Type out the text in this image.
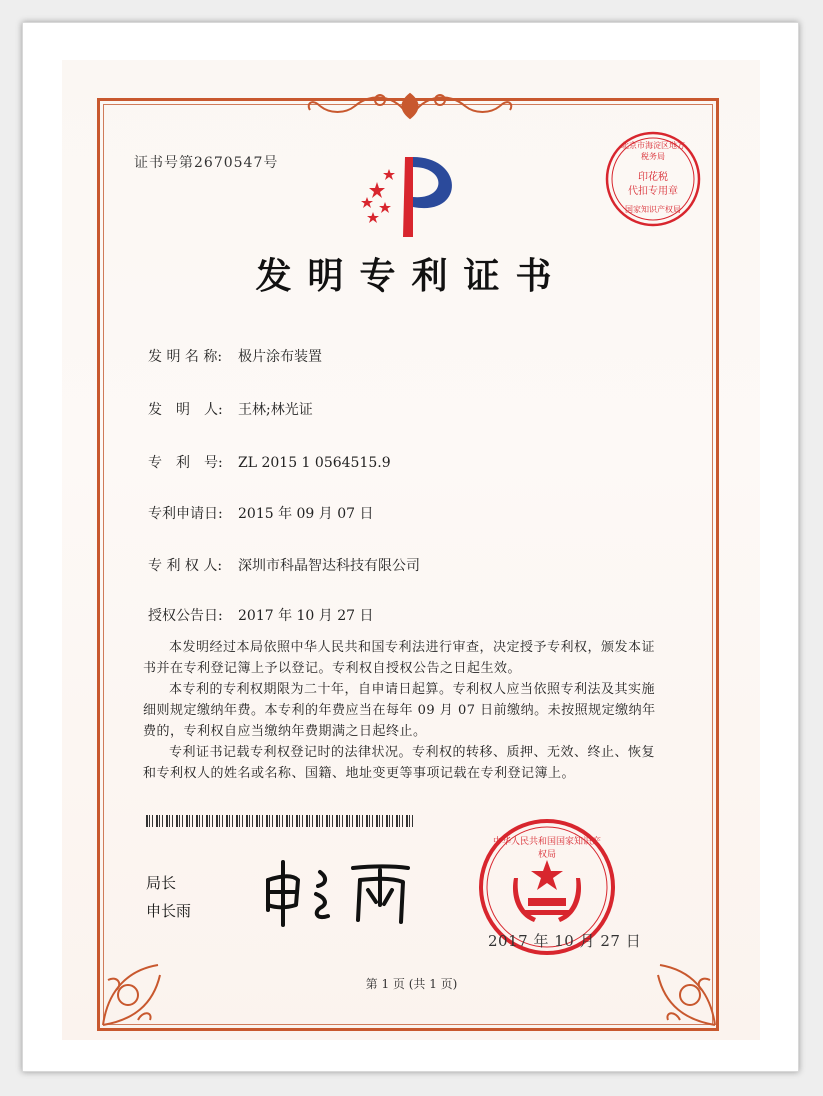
证书号第2670547号
北京市海淀区地方税务局
印花税
代扣专用章
国家知识产权局
发明专利证书
发 明 名 称: 极片涂布装置
发　明　人: 王林;林光证
专　利　号: ZL 2015 1 0564515.9
专利申请日: 2015 年 09 月 07 日
专 利 权 人: 深圳市科晶智达科技有限公司
授权公告日: 2017 年 10 月 27 日

本发明经过本局依照中华人民共和国专利法进行审查，决定授予专利权，颁发本证书并在专利登记簿上予以登记。专利权自授权公告之日起生效。

本专利的专利权期限为二十年，自申请日起算。专利权人应当依照专利法及其实施细则规定缴纳年费。本专利的年费应当在每年 09 月 07 日前缴纳。未按照规定缴纳年费的，专利权自应当缴纳年费期满之日起终止。

专利证书记载专利权登记时的法律状况。专利权的转移、质押、无效、终止、恢复和专利权人的姓名或名称、国籍、地址变更等事项记载在专利登记簿上。

局长
申长雨
中华人民共和国国家知识产权局
2017 年 10 月 27 日
第 1 页 (共 1 页)
